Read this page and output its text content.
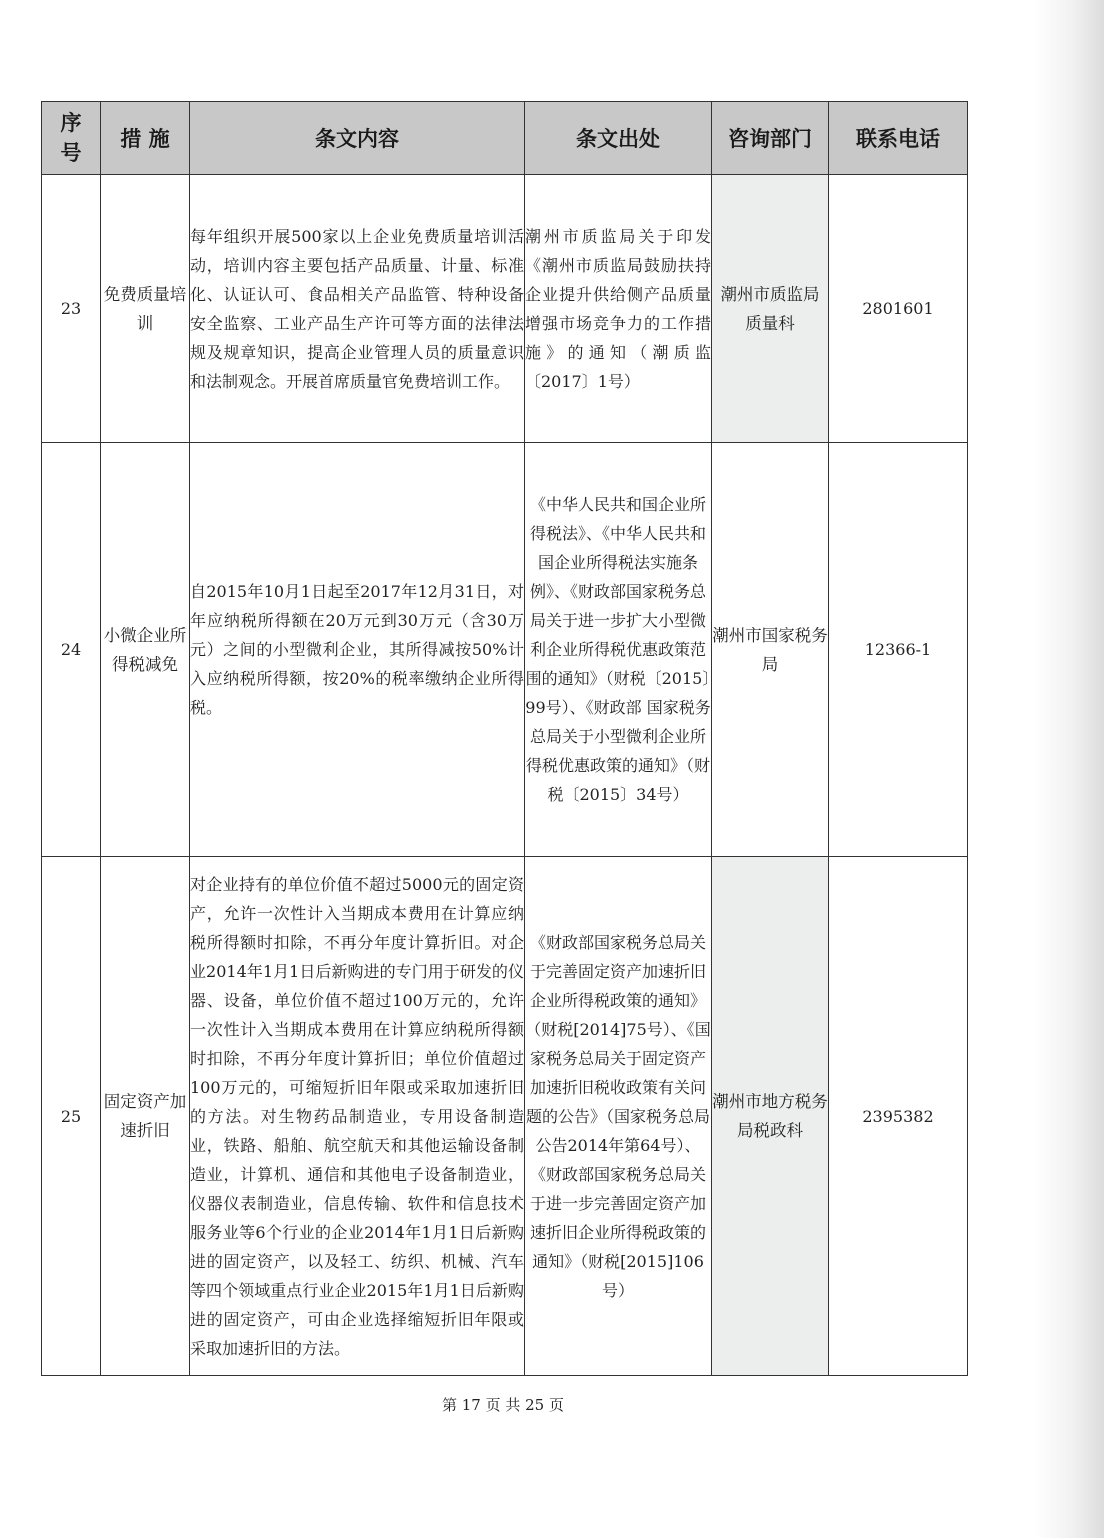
序号	措 施	条文内容	条文出处	咨询部门	联系电话
23	免费质量培训	每年组织开展500家以上企业免费质量培训活动，培训内容主要包括产品质量、计量、标准化、认证认可、食品相关产品监管、特种设备安全监察、工业产品生产许可等方面的法律法规及规章知识，提高企业管理人员的质量意识和法制观念。开展首席质量官免费培训工作。	潮州市质监局关于印发《潮州市质监局鼓励扶持企业提升供给侧产品质量增强市场竞争力的工作措施》的通知（潮质监〔2017〕1号）	潮州市质监局 质量科	2801601
24	小微企业所得税减免	自2015年10月1日起至2017年12月31日，对年应纳税所得额在20万元到30万元（含30万元）之间的小型微利企业，其所得减按50%计入应纳税所得额，按20%的税率缴纳企业所得税。	《中华人民共和国企业所得税法》、《中华人民共和国企业所得税法实施条例》、《财政部国家税务总局关于进一步扩大小型微利企业所得税优惠政策范围的通知》（财税〔2015〕99号）、《财政部 国家税务总局关于小型微利企业所得税优惠政策的通知》（财税〔2015〕34号）	潮州市国家税务局	12366-1
25	固定资产加速折旧	对企业持有的单位价值不超过5000元的固定资产，允许一次性计入当期成本费用在计算应纳税所得额时扣除，不再分年度计算折旧。对企业2014年1月1日后新购进的专门用于研发的仪器、设备，单位价值不超过100万元的，允许一次性计入当期成本费用在计算应纳税所得额时扣除，不再分年度计算折旧；单位价值超过100万元的，可缩短折旧年限或采取加速折旧的方法。对生物药品制造业，专用设备制造业，铁路、船舶、航空航天和其他运输设备制造业，计算机、通信和其他电子设备制造业，仪器仪表制造业，信息传输、软件和信息技术服务业等6个行业的企业2014年1月1日后新购进的固定资产，以及轻工、纺织、机械、汽车等四个领域重点行业企业2015年1月1日后新购进的固定资产，可由企业选择缩短折旧年限或采取加速折旧的方法。	《财政部国家税务总局关于完善固定资产加速折旧企业所得税政策的通知》（财税[2014]75号）、《国家税务总局关于固定资产加速折旧税收政策有关问题的公告》（国家税务总局公告2014年第64号）、《财政部国家税务总局关于进一步完善固定资产加速折旧企业所得税政策的通知》（财税[2015]106号）	潮州市地方税务局税政科	2395382
第 17 页 共 25 页
